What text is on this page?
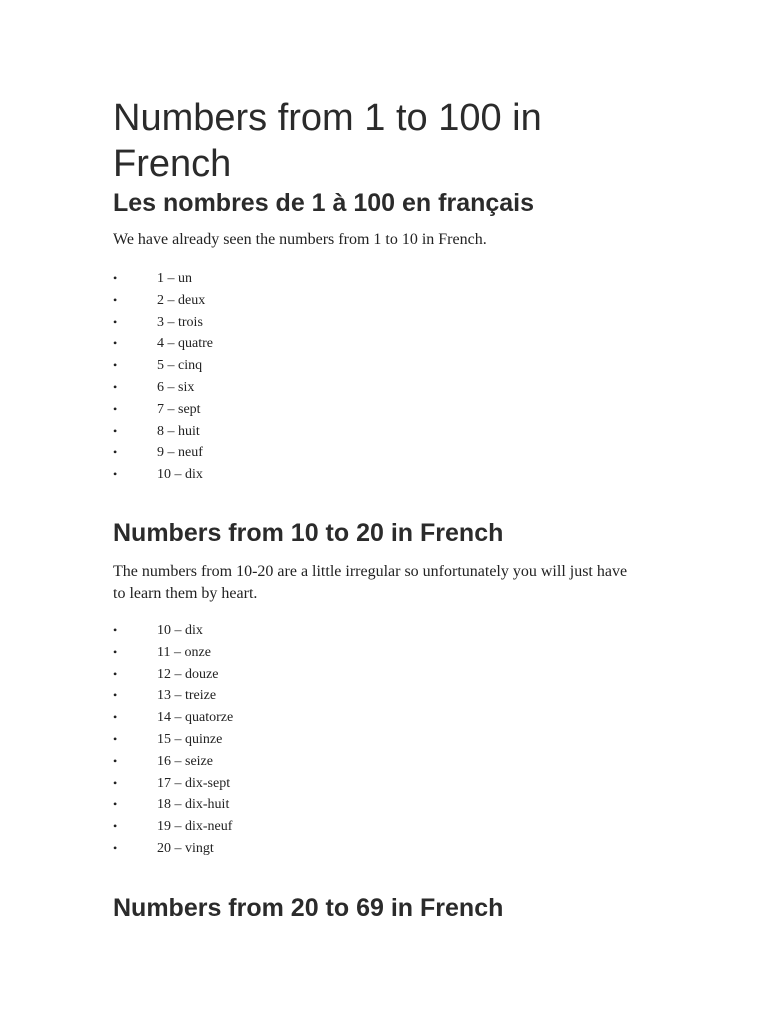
Numbers from 1 to 100 in French
Les nombres de 1 à 100 en français

We have already seen the numbers from 1 to 10 in French.

•	1 – un
•	2 – deux
•	3 – trois
•	4 – quatre
•	5 – cinq
•	6 – six
•	7 – sept
•	8 – huit
•	9 – neuf
•	10 – dix
Numbers from 10 to 20 in French

The numbers from 10-20 are a little irregular so unfortunately you will just have to learn them by heart.

•	10 – dix
•	11 – onze
•	12 – douze
•	13 – treize
•	14 – quatorze
•	15 – quinze
•	16 – seize
•	17 – dix-sept
•	18 – dix-huit
•	19 – dix-neuf
•	20 – vingt
Numbers from 20 to 69 in French
